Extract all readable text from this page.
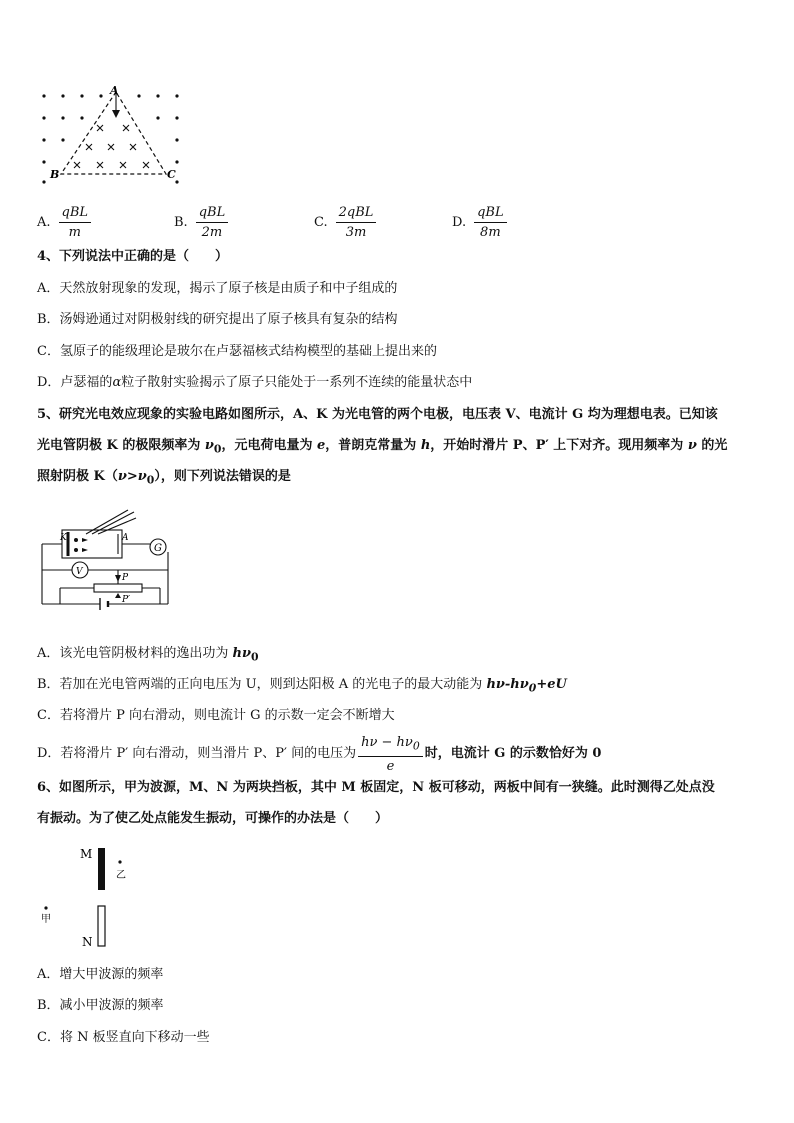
A
B	C
A. $\frac{\text{qBL}}{m}$	B. $\frac{\text{qBL}}{2m}$	C. $\frac{\text{2qBL}}{3m}$	D. $\frac{\text{qBL}}{8m}$
4、下列说法中正确的是（　　）
A．天然放射现象的发现，揭示了原子核是由质子和中子组成的
B．汤姆逊通过对阴极射线的研究提出了原子核具有复杂的结构
C．氢原子的能级理论是玻尔在卢瑟福核式结构模型的基础上提出来的
D．卢瑟福的α粒子散射实验揭示了原子只能处于一系列不连续的能量状态中
5、研究光电效应现象的实验电路如图所示，A、K 为光电管的两个电极，电压表 V、电流计 G 均为理想电表。已知该
光电管阴极 K 的极限频率为 $\nu_0$，元电荷电量为 e，普朗克常量为 h，开始时滑片 P、P′ 上下对齐。现用频率为 ν 的光
照射阴极 $K(\nu>\nu_0)$，则下列说法错误的是
K	A
G
V
P
P′
A．该光电管阴极材料的逸出功为 $h\nu_0$
B．若加在光电管两端的正向电压为 U，则到达阳极 A 的光电子的最大动能为 $h\nu-h\nu_0+eU$
C．若将滑片 P 向右滑动，则电流计 G 的示数一定会不断增大
D．若将滑片 P′ 向右滑动，则当滑片 P、P′ 间的电压为 $\frac{h\nu - h\nu_0}{e}$ 时，电流计 G 的示数恰好为 0
6、如图所示，甲为波源，M、N 为两块挡板，其中 M 板固定，N 板可移动，两板中间有一狭缝。此时测得乙处点没
有振动。为了使乙处点能发生振动，可操作的办法是（　　）
M
N
乙
甲
A．增大甲波源的频率
B．减小甲波源的频率
C．将 N 板竖直向下移动一些
